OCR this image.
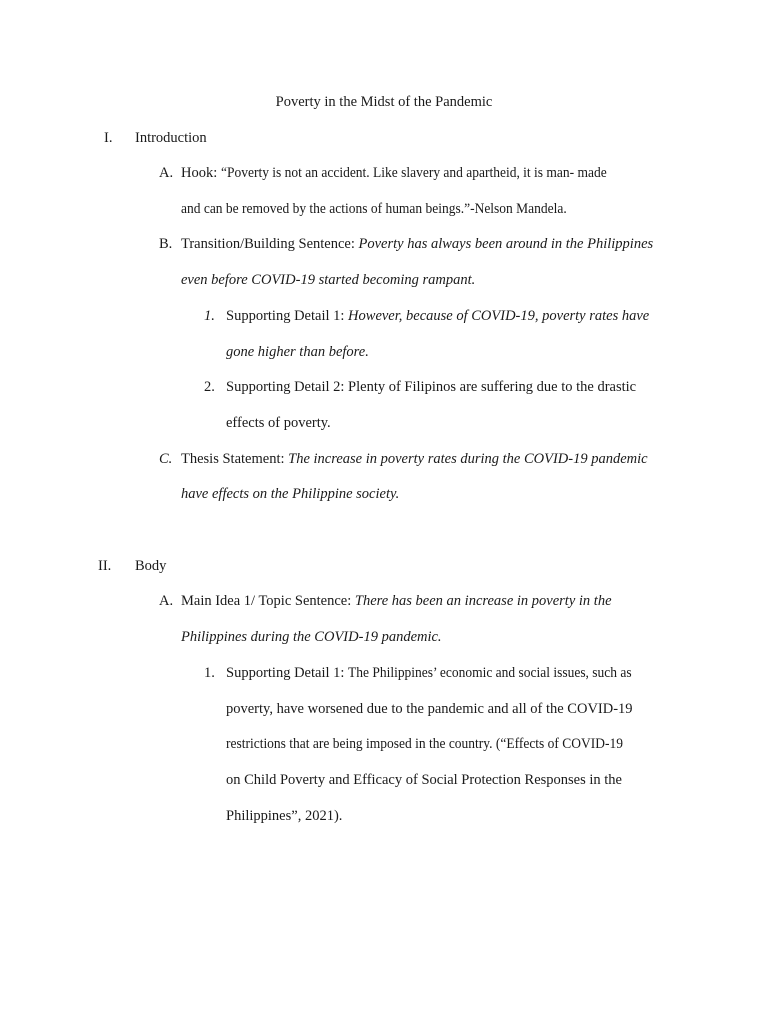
Poverty in the Midst of the Pandemic
I. Introduction
A. Hook: “Poverty is not an accident. Like slavery and apartheid, it is man- made
and can be removed by the actions of human beings.”-Nelson Mandela.
B. Transition/Building Sentence: Poverty has always been around in the Philippines
even before COVID-19 started becoming rampant.
1. Supporting Detail 1: However, because of COVID-19, poverty rates have
gone higher than before.
2. Supporting Detail 2: Plenty of Filipinos are suffering due to the drastic
effects of poverty.
C. Thesis Statement: The increase in poverty rates during the COVID-19 pandemic
have effects on the Philippine society.
II. Body
A. Main Idea 1/ Topic Sentence: There has been an increase in poverty in the
Philippines during the COVID-19 pandemic.
1. Supporting Detail 1: The Philippines’ economic and social issues, such as
poverty, have worsened due to the pandemic and all of the COVID-19
restrictions that are being imposed in the country. (“Effects of COVID-19
on Child Poverty and Efficacy of Social Protection Responses in the
Philippines”, 2021).
